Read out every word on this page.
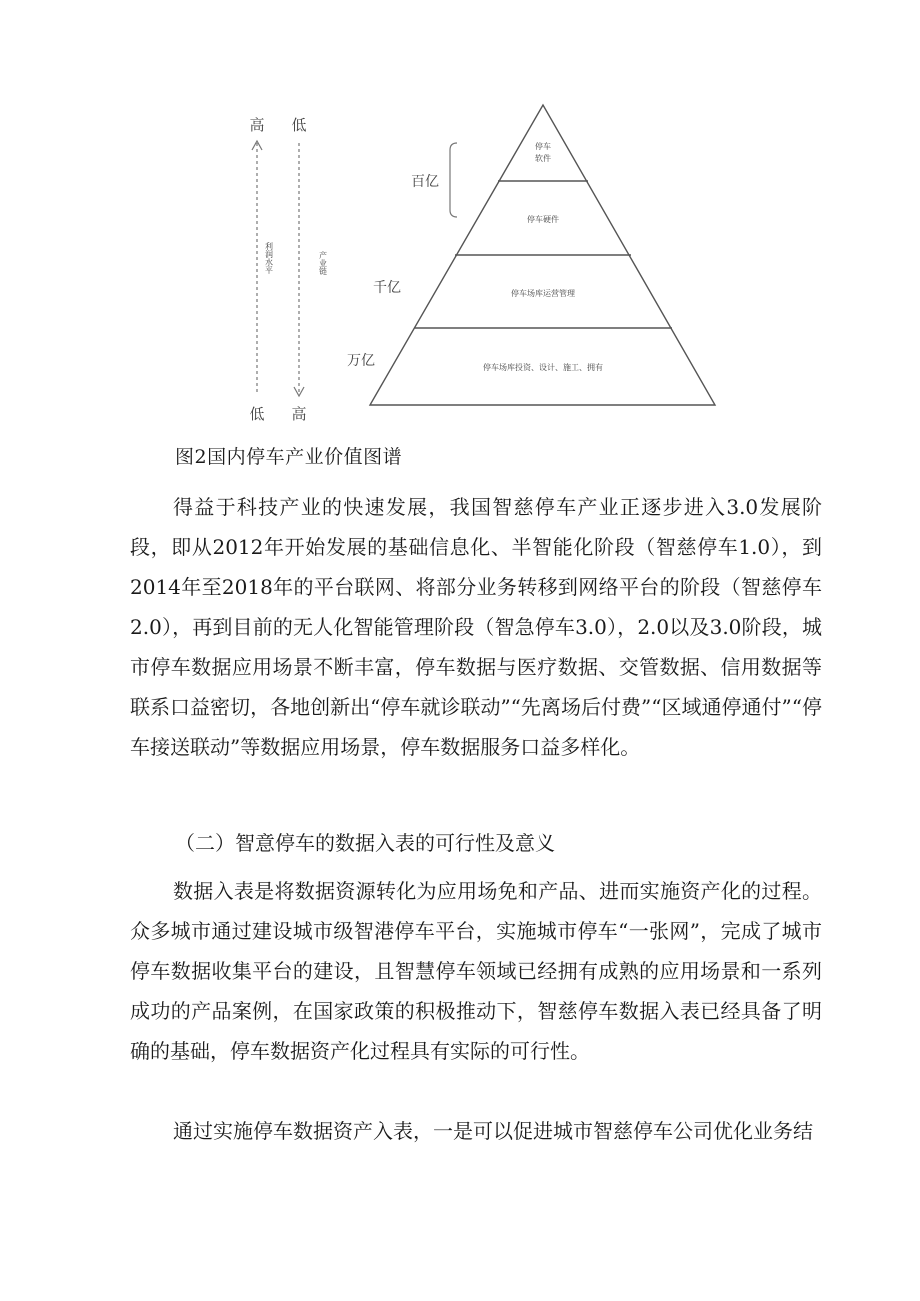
高
利润水平
低
低
产业链
高
百亿
千亿
万亿
停车
软件
停车硬件
停车场库运营管理
停车场库投资、设计、施工、拥有
图2国内停车产业价值图谱

得益于科技产业的快速发展，我国智慈停车产业正逐步进入3.0发展阶段，即从2012年开始发展的基础信息化、半智能化阶段（智慈停车1.0），到2014年至2018年的平台联网、将部分业务转移到网络平台的阶段（智慈停车2.0），再到目前的无人化智能管理阶段（智急停车3.0），2.0以及3.0阶段，城市停车数据应用场景不断丰富，停车数据与医疗数据、交管数据、信用数据等联系口益密切，各地创新出“停车就诊联动”“先离场后付费”“区域通停通付”“停车接送联动”等数据应用场景，停车数据服务口益多样化。

（二）智意停车的数据入表的可行性及意义

数据入表是将数据资源转化为应用场免和产品、进而实施资产化的过程。众多城市通过建设城市级智港停车平台，实施城市停车“一张网”，完成了城市停车数据收集平台的建设，且智慧停车领域已经拥有成熟的应用场景和一系列成功的产品案例，在国家政策的积极推动下，智慈停车数据入表已经具备了明确的基础，停车数据资产化过程具有实际的可行性。

通过实施停车数据资产入表，一是可以促进城市智慈停车公司优化业务结
